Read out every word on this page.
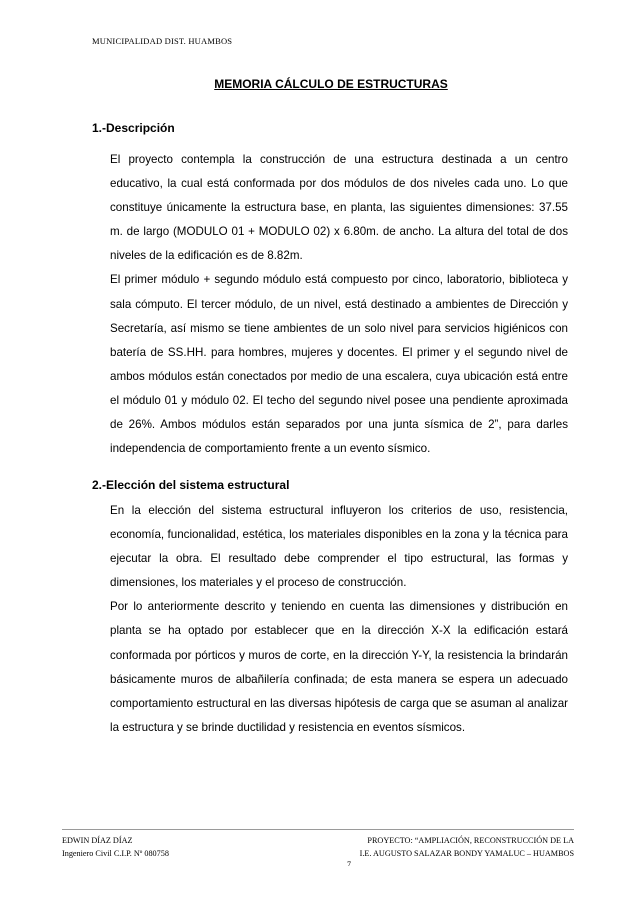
MUNICIPALIDAD DIST. HUAMBOS
MEMORIA CÁLCULO DE ESTRUCTURAS
1.-Descripción

El proyecto contempla la construcción de una estructura destinada a un centro educativo, la cual está conformada por dos módulos de dos niveles cada uno. Lo que constituye únicamente la estructura base, en planta, las siguientes dimensiones: 37.55 m. de largo (MODULO 01 + MODULO 02) x 6.80m. de ancho. La altura del total de dos niveles de la edificación es de 8.82m.

El primer módulo + segundo módulo está compuesto por cinco, laboratorio, biblioteca y sala cómputo. El tercer módulo, de un nivel, está destinado a ambientes de Dirección y Secretaría, así mismo se tiene ambientes de un solo nivel para servicios higiénicos con batería de SS.HH. para hombres, mujeres y docentes. El primer y el segundo nivel de ambos módulos están conectados por medio de una escalera, cuya ubicación está entre el módulo 01 y módulo 02. El techo del segundo nivel posee una pendiente aproximada de 26%. Ambos módulos están separados por una junta sísmica de 2”, para darles independencia de comportamiento frente a un evento sísmico.

2.-Elección del sistema estructural

En la elección del sistema estructural influyeron los criterios de uso, resistencia, economía, funcionalidad, estética, los materiales disponibles en la zona y la técnica para ejecutar la obra. El resultado debe comprender el tipo estructural, las formas y dimensiones, los materiales y el proceso de construcción.

Por lo anteriormente descrito y teniendo en cuenta las dimensiones y distribución en planta se ha optado por establecer que en la dirección X-X la edificación estará conformada por pórticos y muros de corte, en la dirección Y-Y, la resistencia la brindarán básicamente muros de albañilería confinada; de esta manera se espera un adecuado comportamiento estructural en las diversas hipótesis de carga que se asuman al analizar la estructura y se brinde ductilidad y resistencia en eventos sísmicos.

EDWIN DÍAZ DÍAZ
Ingeniero Civil C.I.P. Nº 080758
PROYECTO: “AMPLIACIÓN, RECONSTRUCCIÓN DE LA
I.E. AUGUSTO SALAZAR BONDY YAMALUC – HUAMBOS
7
